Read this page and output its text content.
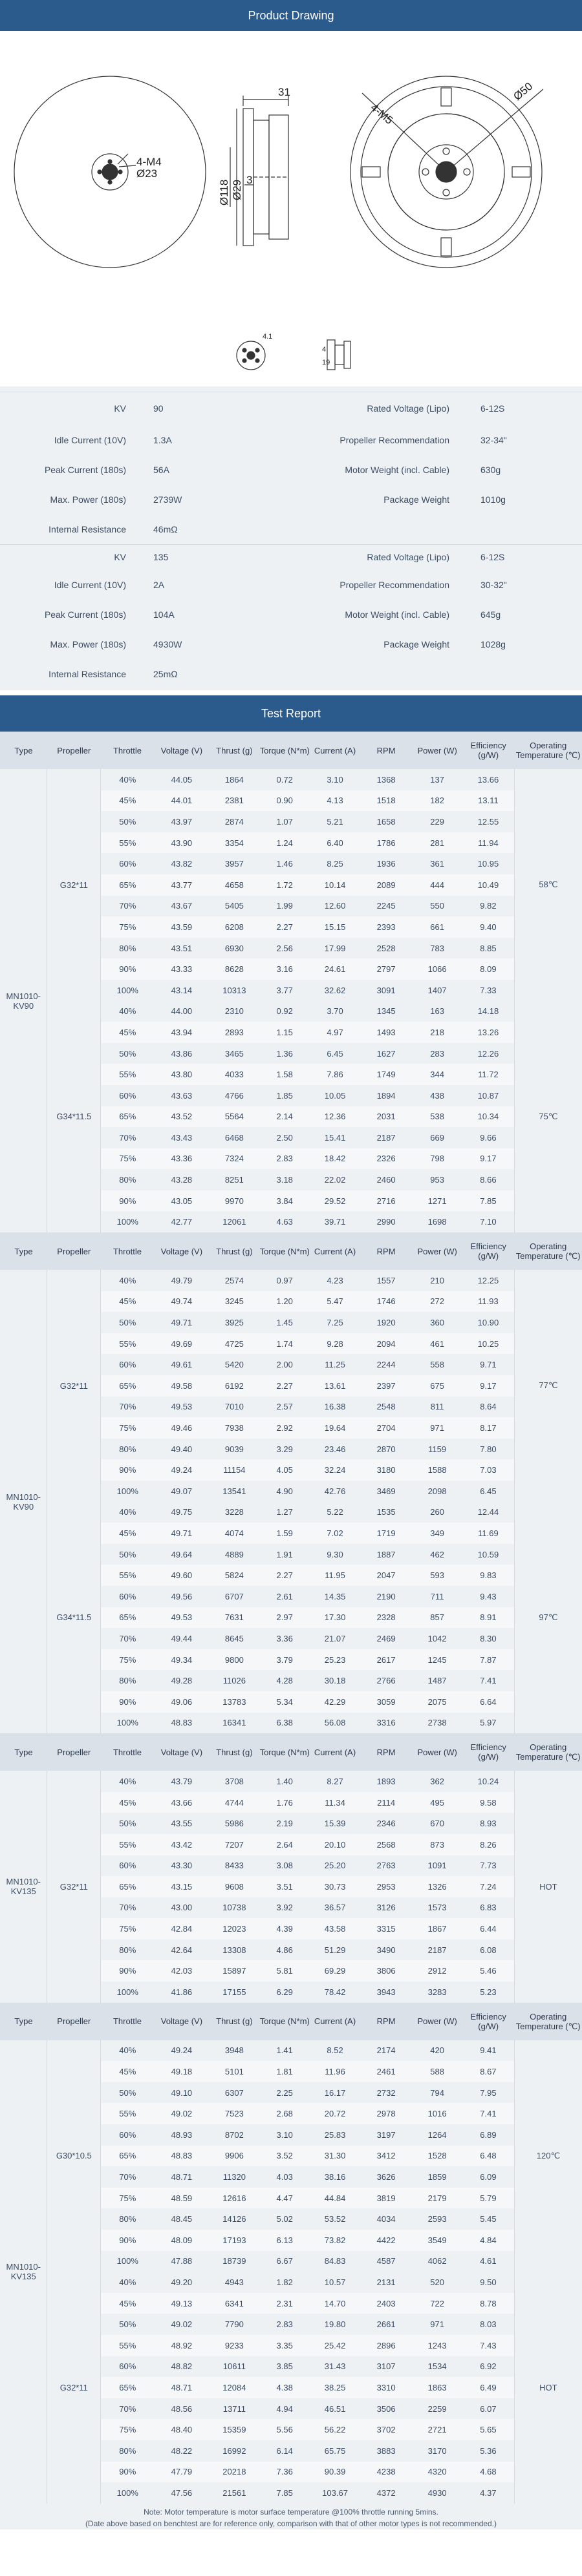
Product Drawing
4-M4
Ø23
31
3
Ø118 Ø29
4-M5
Ø50
4.1
4
19
KV	90	Rated Voltage (Lipo)	6-12S
Idle Current (10V)	1.3A	Propeller Recommendation	32-34"
Peak Current (180s)	56A	Motor Weight (incl. Cable)	630g
Max. Power (180s)	2739W	Package Weight	1010g
Internal Resistance	46mΩ
KV	135	Rated Voltage (Lipo)	6-12S
Idle Current (10V)	2A	Propeller Recommendation	30-32"
Peak Current (180s)	104A	Motor Weight (incl. Cable)	645g
Max. Power (180s)	4930W	Package Weight	1028g
Internal Resistance	25mΩ
Test Report
Type	Propeller	Throttle	Voltage (V)	Thrust (g)	Torque (N*m)	Current (A)	RPM	Power (W)	Efficiency (g/W)	Operating Temperature (℃)
MN1010-KV90	G32*11	40%	44.05	1864	0.72	3.10	1368	137	13.66	58℃
		45%	44.01	2381	0.90	4.13	1518	182	13.11	
		50%	43.97	2874	1.07	5.21	1658	229	12.55	
		55%	43.90	3354	1.24	6.40	1786	281	11.94	
		60%	43.82	3957	1.46	8.25	1936	361	10.95	
		65%	43.77	4658	1.72	10.14	2089	444	10.49	
		70%	43.67	5405	1.99	12.60	2245	550	9.82	
		75%	43.59	6208	2.27	15.15	2393	661	9.40	
		80%	43.51	6930	2.56	17.99	2528	783	8.85	
		90%	43.33	8628	3.16	24.61	2797	1066	8.09	
		100%	43.14	10313	3.77	32.62	3091	1407	7.33	
	G34*11.5	40%	44.00	2310	0.92	3.70	1345	163	14.18	75℃
		45%	43.94	2893	1.15	4.97	1493	218	13.26	
		50%	43.86	3465	1.36	6.45	1627	283	12.26	
		55%	43.80	4033	1.58	7.86	1749	344	11.72	
		60%	43.63	4766	1.85	10.05	1894	438	10.87	
		65%	43.52	5564	2.14	12.36	2031	538	10.34	
		70%	43.43	6468	2.50	15.41	2187	669	9.66	
		75%	43.36	7324	2.83	18.42	2326	798	9.17	
		80%	43.28	8251	3.18	22.02	2460	953	8.66	
		90%	43.05	9970	3.84	29.52	2716	1271	7.85	
		100%	42.77	12061	4.63	39.71	2990	1698	7.10	
Type	Propeller	Throttle	Voltage (V)	Thrust (g)	Torque (N*m)	Current (A)	RPM	Power (W)	Efficiency (g/W)	Operating Temperature (℃)
MN1010-KV90	G32*11	40%	49.79	2574	0.97	4.23	1557	210	12.25	77℃
		45%	49.74	3245	1.20	5.47	1746	272	11.93	
		50%	49.71	3925	1.45	7.25	1920	360	10.90	
		55%	49.69	4725	1.74	9.28	2094	461	10.25	
		60%	49.61	5420	2.00	11.25	2244	558	9.71	
		65%	49.58	6192	2.27	13.61	2397	675	9.17	
		70%	49.53	7010	2.57	16.38	2548	811	8.64	
		75%	49.46	7938	2.92	19.64	2704	971	8.17	
		80%	49.40	9039	3.29	23.46	2870	1159	7.80	
		90%	49.24	11154	4.05	32.24	3180	1588	7.03	
		100%	49.07	13541	4.90	42.76	3469	2098	6.45	
	G34*11.5	40%	49.75	3228	1.27	5.22	1535	260	12.44	97℃
		45%	49.71	4074	1.59	7.02	1719	349	11.69	
		50%	49.64	4889	1.91	9.30	1887	462	10.59	
		55%	49.60	5824	2.27	11.95	2047	593	9.83	
		60%	49.56	6707	2.61	14.35	2190	711	9.43	
		65%	49.53	7631	2.97	17.30	2328	857	8.91	
		70%	49.44	8645	3.36	21.07	2469	1042	8.30	
		75%	49.34	9800	3.79	25.23	2617	1245	7.87	
		80%	49.28	11026	4.28	30.18	2766	1487	7.41	
		90%	49.06	13783	5.34	42.29	3059	2075	6.64	
		100%	48.83	16341	6.38	56.08	3316	2738	5.97	
Type	Propeller	Throttle	Voltage (V)	Thrust (g)	Torque (N*m)	Current (A)	RPM	Power (W)	Efficiency (g/W)	Operating Temperature (℃)
MN1010-KV135	G32*11	40%	43.79	3708	1.40	8.27	1893	362	10.24	HOT
		45%	43.66	4744	1.76	11.34	2114	495	9.58	
		50%	43.55	5986	2.19	15.39	2346	670	8.93	
		55%	43.42	7207	2.64	20.10	2568	873	8.26	
		60%	43.30	8433	3.08	25.20	2763	1091	7.73	
		65%	43.15	9608	3.51	30.73	2953	1326	7.24	
		70%	43.00	10738	3.92	36.57	3126	1573	6.83	
		75%	42.84	12023	4.39	43.58	3315	1867	6.44	
		80%	42.64	13308	4.86	51.29	3490	2187	6.08	
		90%	42.03	15897	5.81	69.29	3806	2912	5.46	
		100%	41.86	17155	6.29	78.42	3943	3283	5.23	
Type	Propeller	Throttle	Voltage (V)	Thrust (g)	Torque (N*m)	Current (A)	RPM	Power (W)	Efficiency (g/W)	Operating Temperature (℃)
MN1010-KV135	G30*10.5	40%	49.24	3948	1.41	8.52	2174	420	9.41	120℃
		45%	49.18	5101	1.81	11.96	2461	588	8.67	
		50%	49.10	6307	2.25	16.17	2732	794	7.95	
		55%	49.02	7523	2.68	20.72	2978	1016	7.41	
		60%	48.93	8702	3.10	25.83	3197	1264	6.89	
		65%	48.83	9906	3.52	31.30	3412	1528	6.48	
		70%	48.71	11320	4.03	38.16	3626	1859	6.09	
		75%	48.59	12616	4.47	44.84	3819	2179	5.79	
		80%	48.45	14126	5.02	53.52	4034	2593	5.45	
		90%	48.09	17193	6.13	73.82	4422	3549	4.84	
		100%	47.88	18739	6.67	84.83	4587	4062	4.61	
	G32*11	40%	49.20	4943	1.82	10.57	2131	520	9.50	HOT
		45%	49.13	6341	2.31	14.70	2403	722	8.78	
		50%	49.02	7790	2.83	19.80	2661	971	8.03	
		55%	48.92	9233	3.35	25.42	2896	1243	7.43	
		60%	48.82	10611	3.85	31.43	3107	1534	6.92	
		65%	48.71	12084	4.38	38.25	3310	1863	6.49	
		70%	48.56	13711	4.94	46.51	3506	2259	6.07	
		75%	48.40	15359	5.56	56.22	3702	2721	5.65	
		80%	48.22	16992	6.14	65.75	3883	3170	5.36	
		90%	47.79	20218	7.36	90.39	4238	4320	4.68	
		100%	47.56	21561	7.85	103.67	4372	4930	4.37	
Note: Motor temperature is motor surface temperature @100% throttle running 5mins.
(Date above based on benchtest are for reference only, comparison with that of other motor types is not recommended.)
